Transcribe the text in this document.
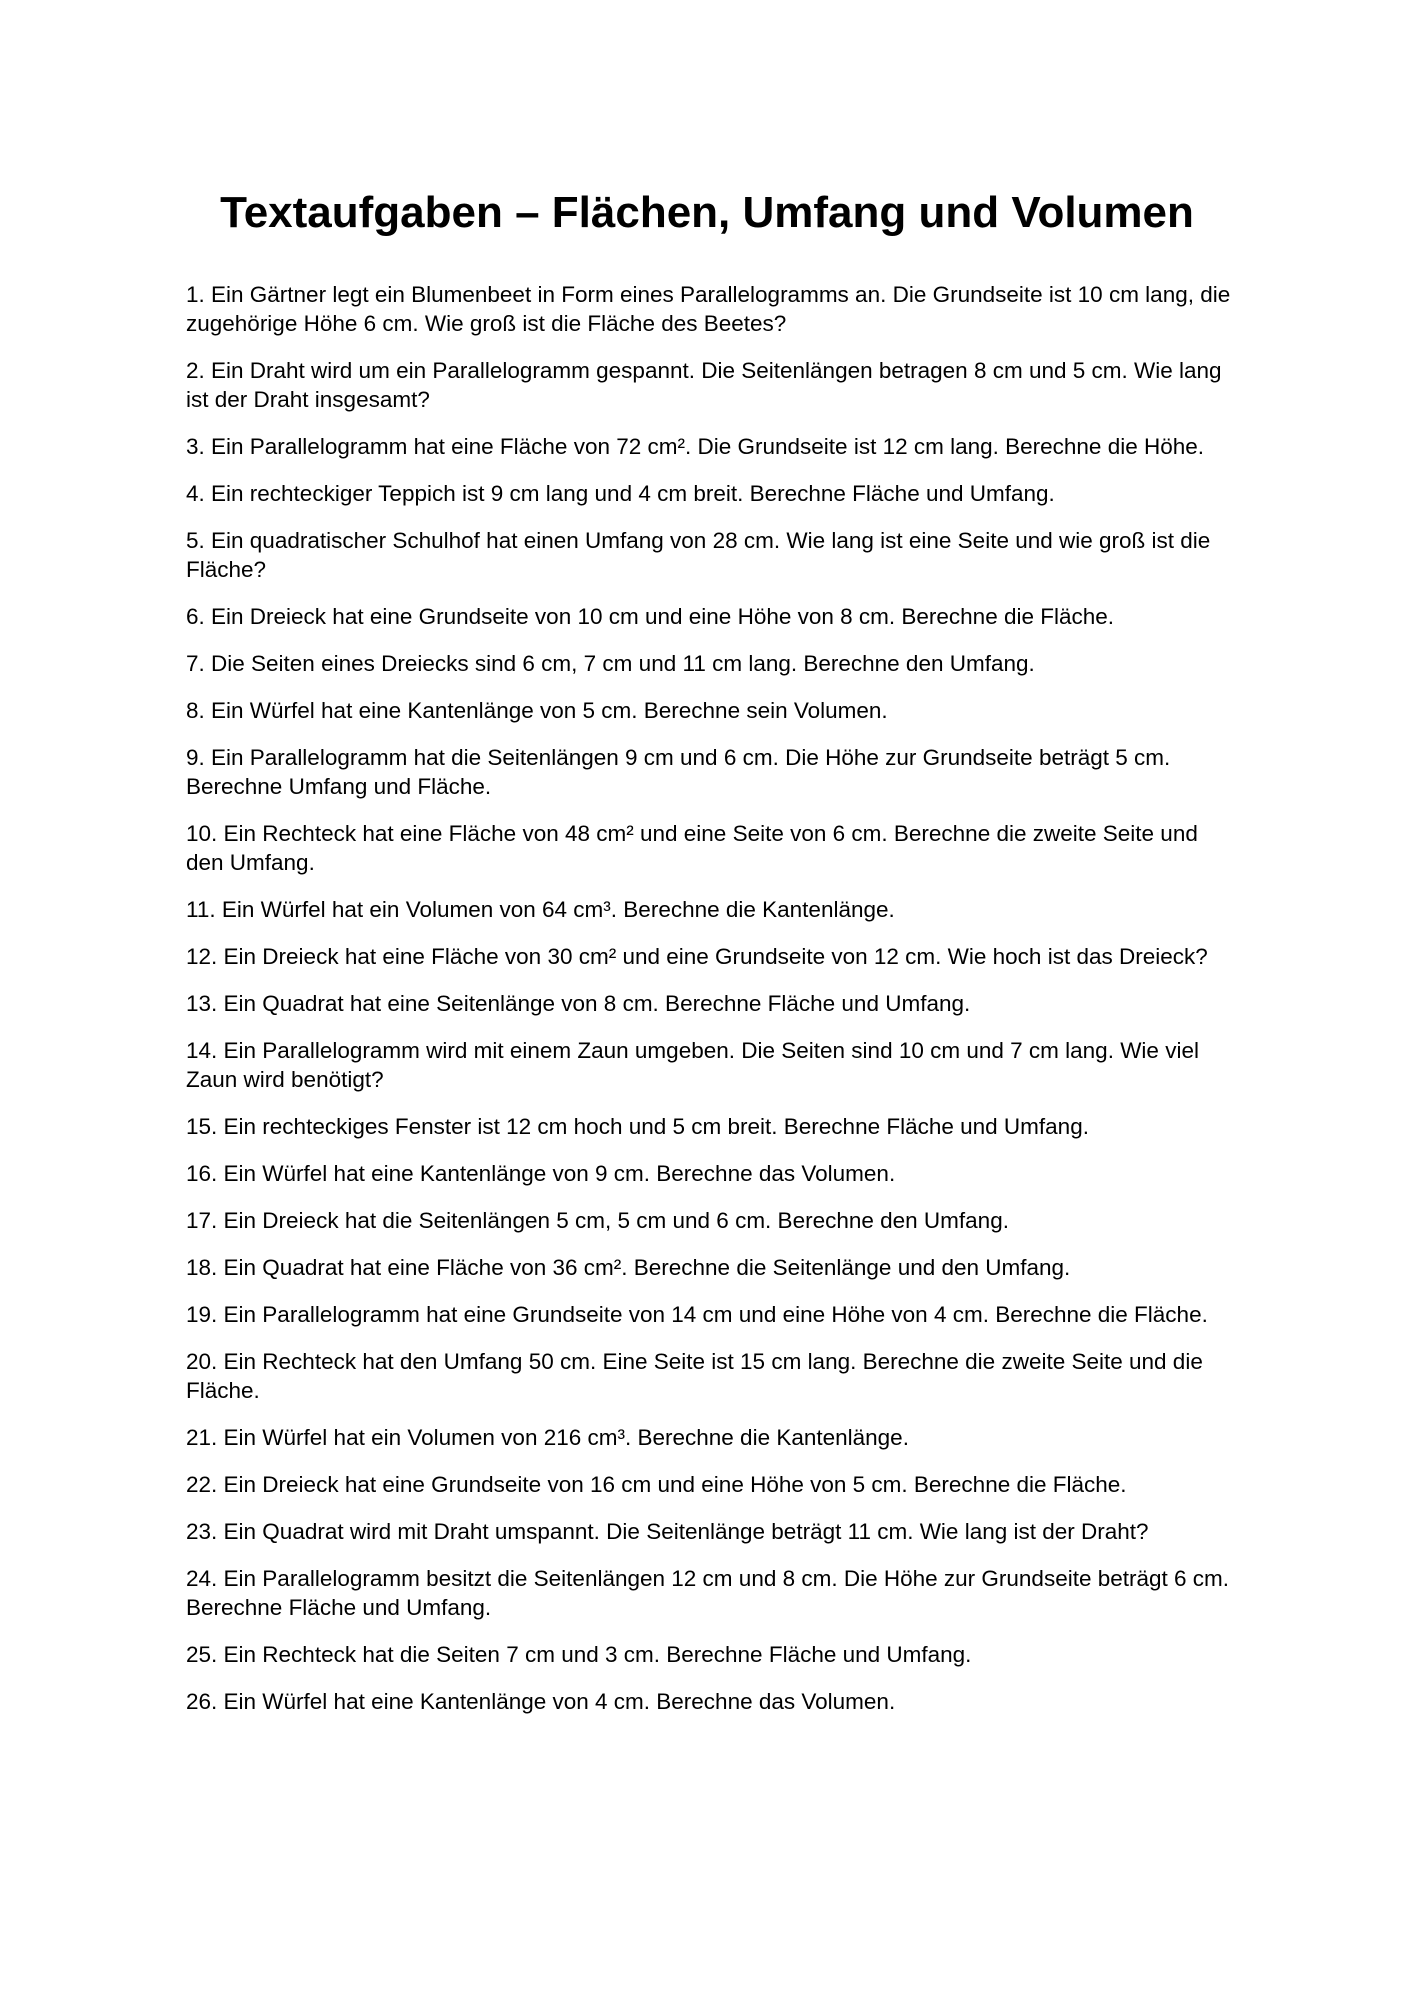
Textaufgaben – Flächen, Umfang und Volumen
1. Ein Gärtner legt ein Blumenbeet in Form eines Parallelogramms an. Die Grundseite ist 10 cm lang, die zugehörige Höhe 6 cm. Wie groß ist die Fläche des Beetes?
2. Ein Draht wird um ein Parallelogramm gespannt. Die Seitenlängen betragen 8 cm und 5 cm. Wie lang ist der Draht insgesamt?
3. Ein Parallelogramm hat eine Fläche von 72 cm². Die Grundseite ist 12 cm lang. Berechne die Höhe.
4. Ein rechteckiger Teppich ist 9 cm lang und 4 cm breit. Berechne Fläche und Umfang.
5. Ein quadratischer Schulhof hat einen Umfang von 28 cm. Wie lang ist eine Seite und wie groß ist die Fläche?
6. Ein Dreieck hat eine Grundseite von 10 cm und eine Höhe von 8 cm. Berechne die Fläche.
7. Die Seiten eines Dreiecks sind 6 cm, 7 cm und 11 cm lang. Berechne den Umfang.
8. Ein Würfel hat eine Kantenlänge von 5 cm. Berechne sein Volumen.
9. Ein Parallelogramm hat die Seitenlängen 9 cm und 6 cm. Die Höhe zur Grundseite beträgt 5 cm. Berechne Umfang und Fläche.
10. Ein Rechteck hat eine Fläche von 48 cm² und eine Seite von 6 cm. Berechne die zweite Seite und den Umfang.
11. Ein Würfel hat ein Volumen von 64 cm³. Berechne die Kantenlänge.
12. Ein Dreieck hat eine Fläche von 30 cm² und eine Grundseite von 12 cm. Wie hoch ist das Dreieck?
13. Ein Quadrat hat eine Seitenlänge von 8 cm. Berechne Fläche und Umfang.
14. Ein Parallelogramm wird mit einem Zaun umgeben. Die Seiten sind 10 cm und 7 cm lang. Wie viel Zaun wird benötigt?
15. Ein rechteckiges Fenster ist 12 cm hoch und 5 cm breit. Berechne Fläche und Umfang.
16. Ein Würfel hat eine Kantenlänge von 9 cm. Berechne das Volumen.
17. Ein Dreieck hat die Seitenlängen 5 cm, 5 cm und 6 cm. Berechne den Umfang.
18. Ein Quadrat hat eine Fläche von 36 cm². Berechne die Seitenlänge und den Umfang.
19. Ein Parallelogramm hat eine Grundseite von 14 cm und eine Höhe von 4 cm. Berechne die Fläche.
20. Ein Rechteck hat den Umfang 50 cm. Eine Seite ist 15 cm lang. Berechne die zweite Seite und die Fläche.
21. Ein Würfel hat ein Volumen von 216 cm³. Berechne die Kantenlänge.
22. Ein Dreieck hat eine Grundseite von 16 cm und eine Höhe von 5 cm. Berechne die Fläche.
23. Ein Quadrat wird mit Draht umspannt. Die Seitenlänge beträgt 11 cm. Wie lang ist der Draht?
24. Ein Parallelogramm besitzt die Seitenlängen 12 cm und 8 cm. Die Höhe zur Grundseite beträgt 6 cm. Berechne Fläche und Umfang.
25. Ein Rechteck hat die Seiten 7 cm und 3 cm. Berechne Fläche und Umfang.
26. Ein Würfel hat eine Kantenlänge von 4 cm. Berechne das Volumen.
